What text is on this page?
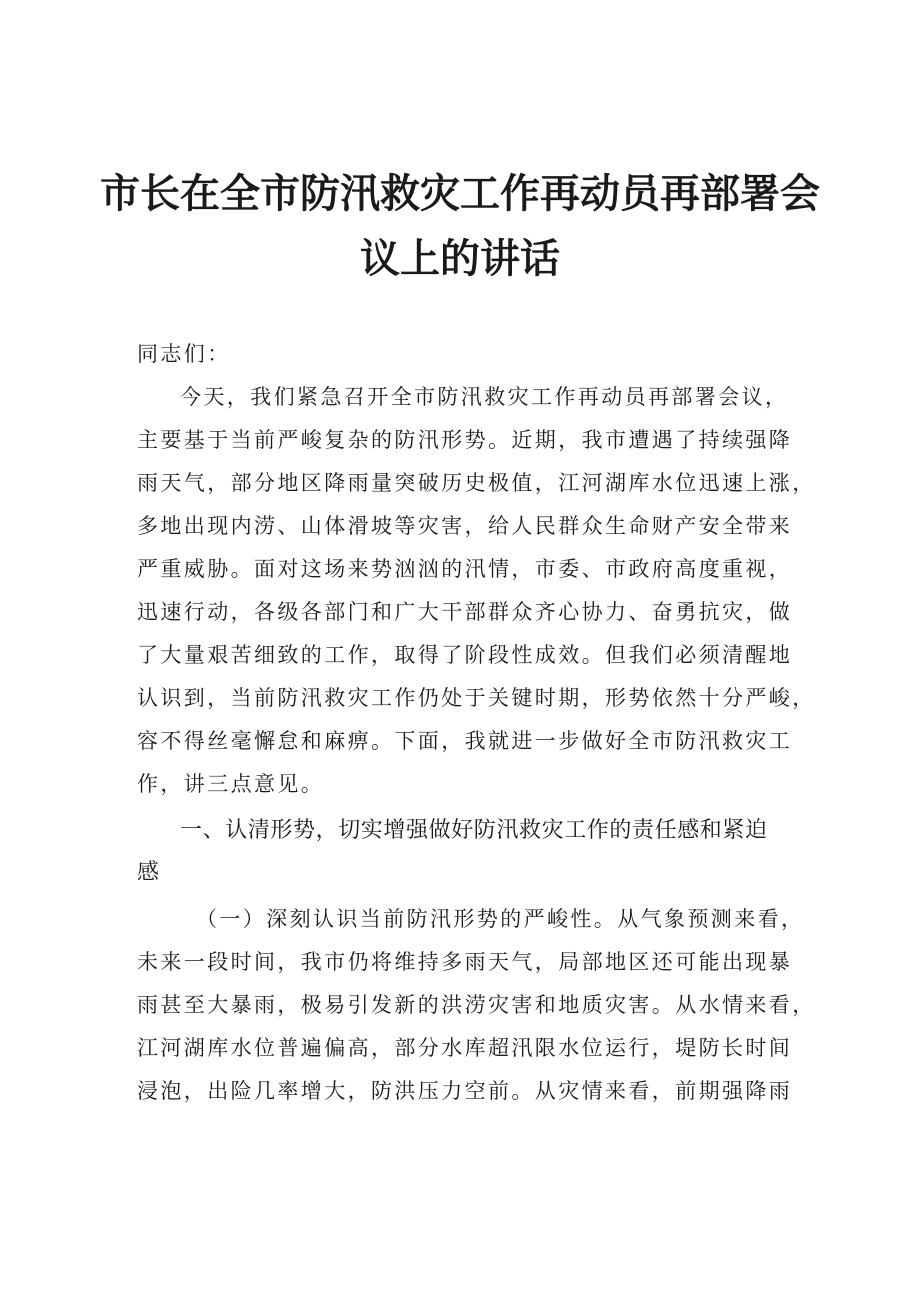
市长在全市防汛救灾工作再动员再部署会
议上的讲话
同志们：
今天，我们紧急召开全市防汛救灾工作再动员再部署会议，
主要基于当前严峻复杂的防汛形势。近期，我市遭遇了持续强降
雨天气，部分地区降雨量突破历史极值，江河湖库水位迅速上涨，
多地出现内涝、山体滑坡等灾害，给人民群众生命财产安全带来
严重威胁。面对这场来势汹汹的汛情，市委、市政府高度重视，
迅速行动，各级各部门和广大干部群众齐心协力、奋勇抗灾，做
了大量艰苦细致的工作，取得了阶段性成效。但我们必须清醒地
认识到，当前防汛救灾工作仍处于关键时期，形势依然十分严峻，
容不得丝毫懈怠和麻痹。下面，我就进一步做好全市防汛救灾工
作，讲三点意见。
一、认清形势，切实增强做好防汛救灾工作的责任感和紧迫
感
（一）深刻认识当前防汛形势的严峻性。从气象预测来看，
未来一段时间，我市仍将维持多雨天气，局部地区还可能出现暴
雨甚至大暴雨，极易引发新的洪涝灾害和地质灾害。从水情来看，
江河湖库水位普遍偏高，部分水库超汛限水位运行，堤防长时间
浸泡，出险几率增大，防洪压力空前。从灾情来看，前期强降雨
